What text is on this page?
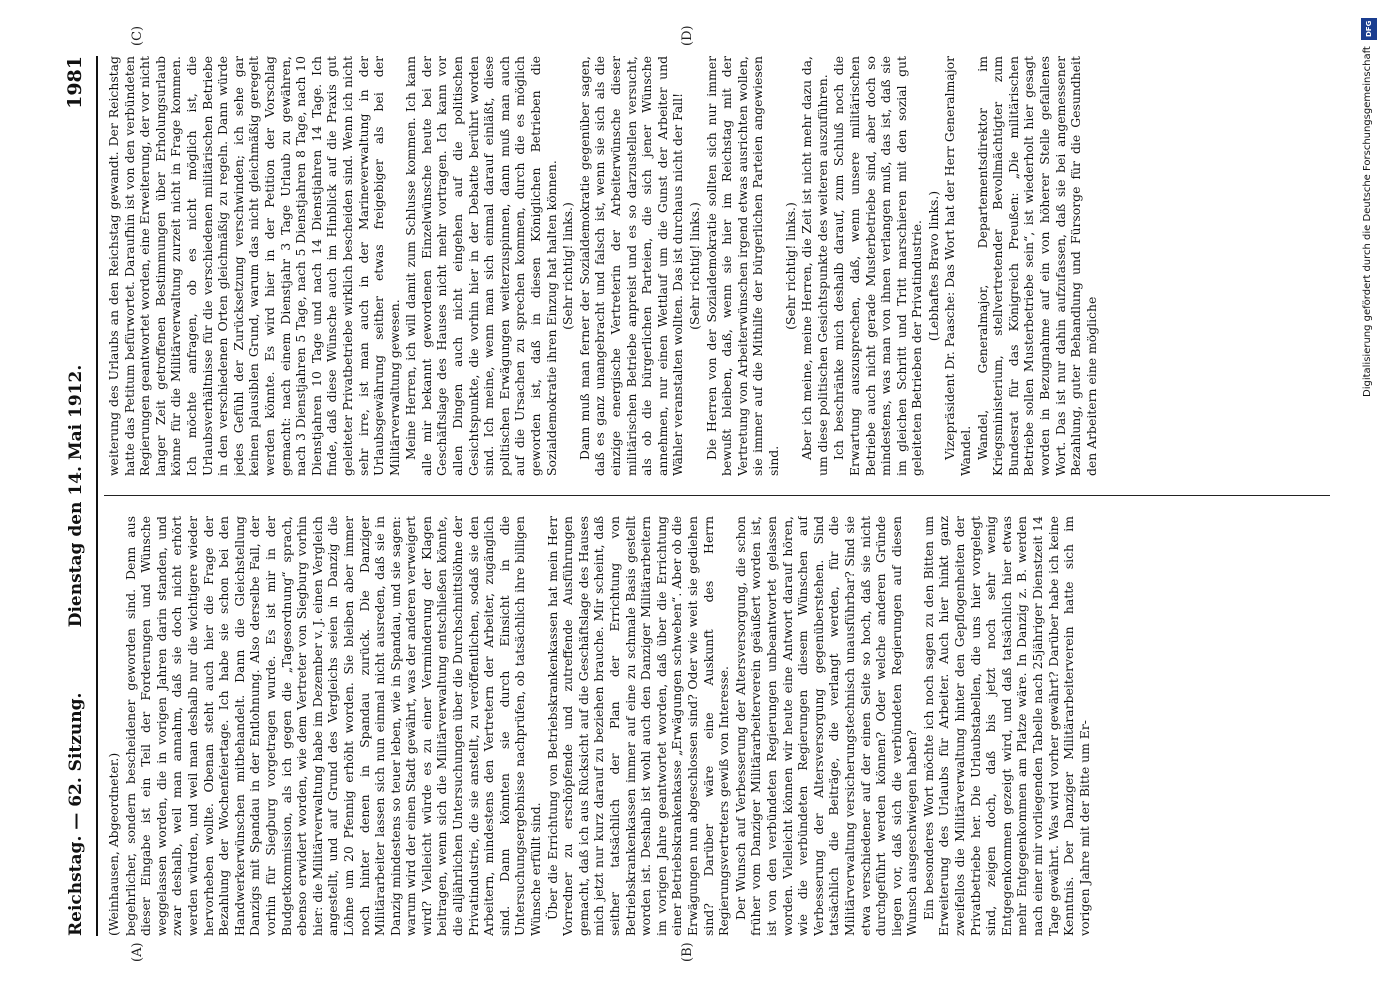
Reichstag. — 62. Sitzung.
Dienstag den 14. Mai 1912.
1981
(A)	(B)
(C)	(D)

(Weinhausen, Abgeordneter.) begehrlicher, sondern bescheidener geworden sind. Denn aus dieser Eingabe ist ein Teil der Forderungen und Wünsche weggelassen worden, die in vorigen Jahren darin standen, und zwar deshalb, weil man annahm, daß sie doch nicht erhört werden würden, und weil man deshalb nur die wichtigere wieder hervorheben wollte. Obenan steht auch hier die Frage der Bezahlung der Wochenfeiertage. Ich habe sie schon bei den Handwerkerwünschen mitbehandelt. Dann die Gleichstellung Danzigs mit Spandau in der Entlohnung. Also derselbe Fall, der vorhin für Siegburg vorgetragen wurde. Es ist mir in der Budgetkommission, als ich gegen die „Tagesordnung“ sprach, ebenso erwidert worden, wie dem Vertreter von Siegburg vorhin hier: die Militärverwaltung habe im Dezember v. J. einen Vergleich angestellt, und auf Grund des Vergleichs seien in Danzig die Löhne um 20 Pfennig erhöht worden. Sie bleiben aber immer noch hinter denen in Spandau zurück. Die Danziger Militärarbeiter lassen sich nun einmal nicht ausreden, daß sie in Danzig mindestens so teuer leben, wie in Spandau, und sie sagen: warum wird der einen Stadt gewährt, was der anderen verweigert wird? Vielleicht würde es zu einer Verminderung der Klagen beitragen, wenn sich die Militärverwaltung entschließen könnte, die alljährlichen Untersuchungen über die Durchschnittslöhne der Privatindustrie, die sie anstellt, zu veröffentlichen, sodaß sie den Arbeitern, mindestens den Vertretern der Arbeiter, zugänglich sind. Dann könnten sie durch Einsicht in die Untersuchungsergebnisse nachprüfen, ob tatsächlich ihre billigen Wünsche erfüllt sind. Über die Errichtung von Betriebskrankenkassen hat mein Herr Vorredner zu erschöpfende und zutreffende Ausführungen gemacht, daß ich aus Rücksicht auf die Geschäftslage des Hauses mich jetzt nur kurz darauf zu beziehen brauche. Mir scheint, daß seither tatsächlich der Plan der Errichtung von Betriebskrankenkassen immer auf eine zu schmale Basis gestellt worden ist. Deshalb ist wohl auch den Danziger Militärarbeitern im vorigen Jahre geantwortet worden, daß über die Errichtung einer Betriebskrankenkasse „Erwägungen schweben“. Aber ob die Erwägungen nun abgeschlossen sind? Oder wie weit sie gediehen sind? Darüber wäre eine Auskunft des Herrn Regierungsvertreters gewiß von Interesse. Der Wunsch auf Verbesserung der Altersversorgung, die schon früher vom Danziger Militärarbeiterverein geäußert worden ist, ist von den verbündeten Regierungen unbeantwortet gelassen worden. Vielleicht können wir heute eine Antwort darauf hören, wie die verbündeten Regierungen diesem Wünschen auf Verbesserung der Altersversorgung gegenüberstehen. Sind tatsächlich die Beiträge, die verlangt werden, für die Militärverwaltung versicherungstechnisch unausführbar? Sind sie etwa verschiedener auf der einen Seite so hoch, daß sie nicht durchgeführt werden können? Oder welche anderen Gründe liegen vor, daß sich die verbündeten Regierungen auf diesen Wunsch ausgeschwiegen haben? Ein besonderes Wort möchte ich noch sagen zu den Bitten um Erweiterung des Urlaubs für Arbeiter. Auch hier hinkt ganz zweifellos die Militärverwaltung hinter den Gepflogenheiten der Privatbetriebe her. Die Urlaubstabellen, die uns hier vorgelegt sind, zeigen doch, daß bis jetzt noch sehr wenig Entgegenkommen gezeigt wird, und daß tatsächlich hier etwas mehr Entgegenkommen am Platze wäre. In Danzig z. B. werden nach einer mir vorliegenden Tabelle nach 25jähriger Dienstzeit 14 Tage gewährt. Was wird vorher gewährt? Darüber habe ich keine Kenntnis. Der Danziger Militärarbeiterverein hatte sich im vorigen Jahre mit der Bitte um Er-

weiterung des Urlaubs an den Reichstag gewandt. Der Reichstag hatte das Petitum befürwortet. Daraufhin ist von den verbündeten Regierungen geantwortet worden, eine Erweiterung, der vor nicht langer Zeit getroffenen Bestimmungen über Erholungsurlaub könne für die Militärverwaltung zurzeit nicht in Frage kommen. Ich möchte anfragen, ob es nicht möglich ist, die Urlaubsverhältnisse für die verschiedenen militärischen Betriebe in den verschiedenen Orten gleichmäßig zu regeln. Dann würde jedes Gefühl der Zurücksetzung verschwinden; ich sehe gar keinen plausiblen Grund, warum das nicht gleichmäßig geregelt werden könnte. Es wird hier in der Petition der Vorschlag gemacht: nach einem Dienstjahr 3 Tage Urlaub zu gewähren, nach 3 Dienstjahren 5 Tage, nach 5 Dienstjahren 8 Tage, nach 10 Dienstjahren 10 Tage und nach 14 Dienstjahren 14 Tage. Ich finde, daß diese Wünsche auch im Hinblick auf die Praxis gut geleiteter Privatbetriebe wirklich bescheiden sind. Wenn ich nicht sehr irre, ist man auch in der Marineverwaltung in der Urlaubsgewährung seither etwas freigebiger als bei der Militärverwaltung gewesen. Meine Herren, ich will damit zum Schlusse kommen. Ich kann alle mir bekannt gewordenen Einzelwünsche heute bei der Geschäftslage des Hauses nicht mehr vortragen. Ich kann vor allen Dingen auch nicht eingehen auf die politischen Gesichtspunkte, die vorhin hier in der Debatte berührt worden sind. Ich meine, wenn man sich einmal darauf einläßt, diese politischen Erwägungen weiterzuspinnen, dann muß man auch auf die Ursachen zu sprechen kommen, durch die es möglich geworden ist, daß in diesen Königlichen Betrieben die Sozialdemokratie ihren Einzug hat halten können. (Sehr richtig! links.) Dann muß man ferner der Sozialdemokratie gegenüber sagen, daß es ganz unangebracht und falsch ist, wenn sie sich als die einzige energische Vertreterin der Arbeiterwünsche dieser militärischen Betriebe anpreist und es so darzustellen versucht, als ob die bürgerlichen Parteien, die sich jener Wünsche annehmen, nur einen Wettlauf um die Gunst der Arbeiter und Wähler veranstalten wollten. Das ist durchaus nicht der Fall! (Sehr richtig! links.) Die Herren von der Sozialdemokratie sollten sich nur immer bewußt bleiben, daß, wenn sie hier im Reichstag mit der Vertretung von Arbeiterwünschen irgend etwas ausrichten wollen, sie immer auf die Mithilfe der bürgerlichen Parteien angewiesen sind.

(Sehr richtig! links.) Aber ich meine, meine Herren, die Zeit ist nicht mehr dazu da, um diese politischen Gesichtspunkte des weiteren auszuführen. Ich beschränke mich deshalb darauf, zum Schluß noch die Erwartung auszusprechen, daß, wenn unsere militärischen Betriebe auch nicht gerade Musterbetriebe sind, aber doch so mindestens, was man von ihnen verlangen muß, das ist, daß sie im gleichen Schritt und Tritt marschieren mit den sozial gut geleiteten Betrieben der Privatindustrie. (Lebhaftes Bravo links.) Vizepräsident Dr. Paasche: Das Wort hat der Herr Generalmajor Wandel. Wandel, Generalmajor, Departementsdirektor im Kriegsministerium, stellvertretender Bevollmächtigter zum Bundesrat für das Königreich Preußen: „Die militärischen Betriebe sollen Musterbetriebe sein“, ist wiederholt hier gesagt worden in Bezugnahme auf ein von höherer Stelle gefallenes Wort. Das ist nur dahin aufzufassen, daß sie bei angemessener Bezahlung, guter Behandlung und Fürsorge für die Gesundheit den Arbeitern eine mögliche

DFG
Digitalisierung gefördert durch die Deutsche Forschungsgemeinschaft
